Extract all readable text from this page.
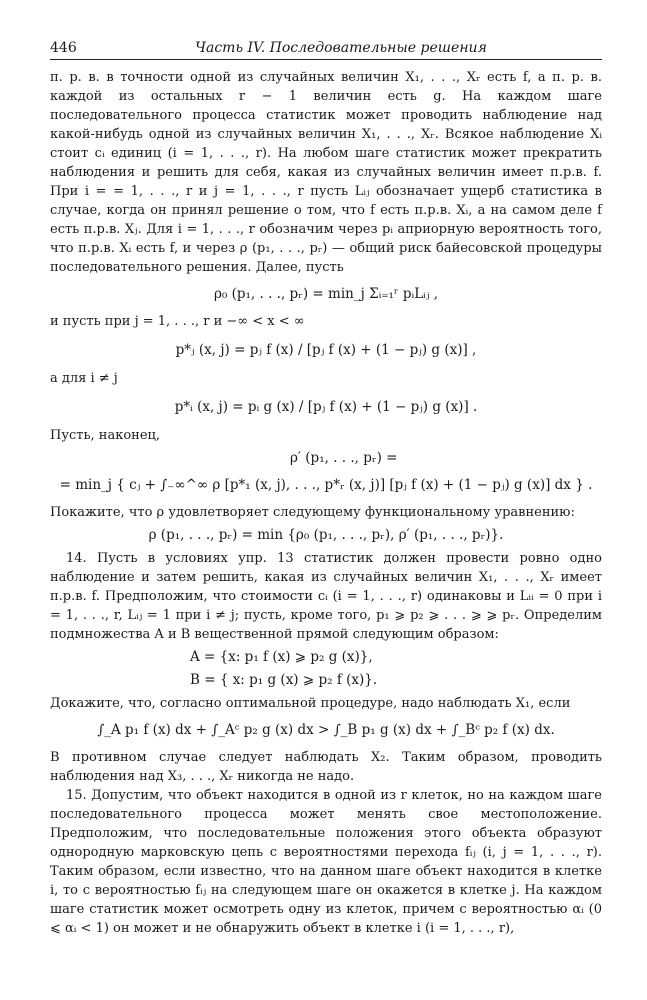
446	Часть IV. Последовательные решения

п. р. в. в точности одной из случайных величин X₁, . . ., Xᵣ есть f, а п. р. в. каждой из остальных r − 1 величин есть g. На каждом шаге последовательного процесса статистик может проводить наблюдение над какой-нибудь одной из случайных величин X₁, . . ., Xᵣ. Всякое наблюдение Xᵢ стоит cᵢ единиц (i = 1, . . ., r). На любом шаге статистик может прекратить наблюдения и решить для себя, какая из случайных величин имеет п.р.в. f. При i = = 1, . . ., r и j = 1, . . ., r пусть Lᵢⱼ обозначает ущерб статистика в случае, когда он принял решение о том, что f есть п.р.в. Xᵢ, а на самом деле f есть п.р.в. Xⱼ. Для i = 1, . . ., r обозначим через pᵢ априорную вероятность того, что п.р.в. Xᵢ есть f, и через ρ (p₁, . . ., pᵣ) — общий риск байесовской процедуры последовательного решения. Далее, пусть

ρ₀ (p₁, . . ., pᵣ) = min_j Σᵢ₌₁ʳ pᵢLᵢⱼ ,

и пусть при j = 1, . . ., r и −∞ < x < ∞

p*ⱼ (x, j) = pⱼ f (x) / [pⱼ f (x) + (1 − pⱼ) g (x)] ,

а для i ≠ j

p*ᵢ (x, j) = pᵢ g (x) / [pⱼ f (x) + (1 − pⱼ) g (x)] .

Пусть, наконец,

ρ′ (p₁, . . ., pᵣ) =
= min_j { cⱼ + ∫₋∞^∞ ρ [p*₁ (x, j), . . ., p*ᵣ (x, j)] [pⱼ f (x) + (1 − pⱼ) g (x)] dx } .

Покажите, что ρ удовлетворяет следующему функциональному уравнению:

ρ (p₁, . . ., pᵣ) = min {ρ₀ (p₁, . . ., pᵣ), ρ′ (p₁, . . ., pᵣ)}.

14. Пусть в условиях упр. 13 статистик должен провести ровно одно наблюдение и затем решить, какая из случайных величин X₁, . . ., Xᵣ имеет п.р.в. f. Предположим, что стоимости cᵢ (i = 1, . . ., r) одинаковы и Lᵢᵢ = 0 при i = 1, . . ., r, Lᵢⱼ = 1 при i ≠ j; пусть, кроме того, p₁ ⩾ p₂ ⩾ . . . ⩾ ⩾ pᵣ. Определим подмножества A и B вещественной прямой следующим образом:

A = {x: p₁ f (x) ⩾ p₂ g (x)},
B = { x: p₁ g (x) ⩾ p₂ f (x)}.

Докажите, что, согласно оптимальной процедуре, надо наблюдать X₁, если

∫_A p₁ f (x) dx + ∫_Aᶜ p₂ g (x) dx > ∫_B p₁ g (x) dx + ∫_Bᶜ p₂ f (x) dx.

В противном случае следует наблюдать X₂. Таким образом, проводить наблюдения над X₃, . . ., Xᵣ никогда не надо.

15. Допустим, что объект находится в одной из r клеток, но на каждом шаге последовательного процесса может менять свое местоположение. Предположим, что последовательные положения этого объекта образуют однородную марковскую цепь с вероятностями перехода fᵢⱼ (i, j = 1, . . ., r). Таким образом, если известно, что на данном шаге объект находится в клетке i, то с вероятностью fᵢⱼ на следующем шаге он окажется в клетке j. На каждом шаге статистик может осмотреть одну из клеток, причем с вероятностью αᵢ (0 ⩽ αᵢ < 1) он может и не обнаружить объект в клетке i (i = 1, . . ., r),
